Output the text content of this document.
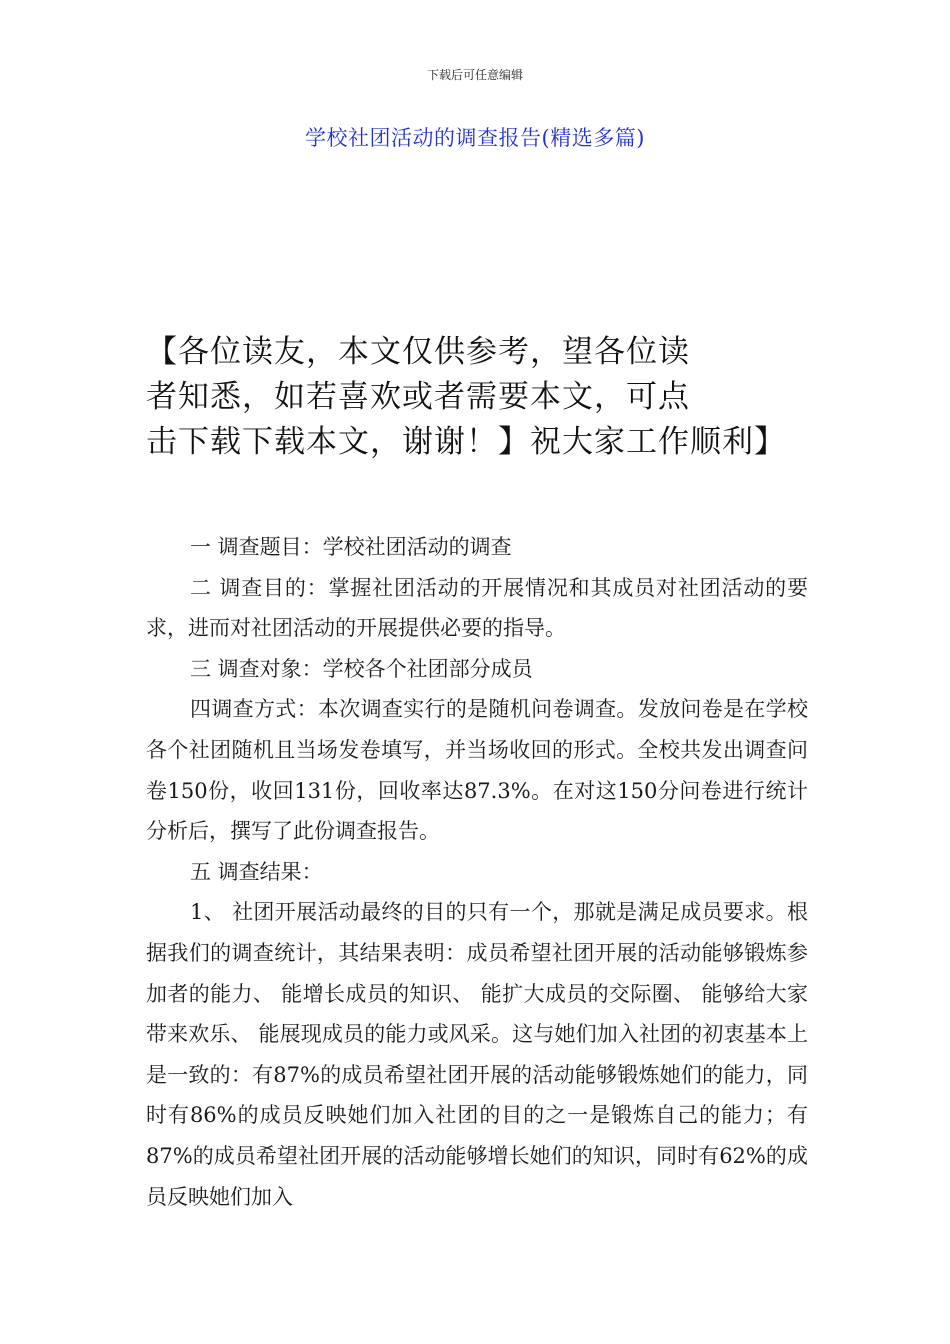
下载后可任意编辑
学校社团活动的调查报告(精选多篇)
【各位读友，本文仅供参考，望各位读
者知悉，如若喜欢或者需要本文，可点
击下载下载本文，谢谢！】祝大家工作顺利】

一 调查题目：学校社团活动的调查

二 调查目的：掌握社团活动的开展情况和其成员对社团活动的要求，进而对社团活动的开展提供必要的指导。

三 调查对象：学校各个社团部分成员

四调查方式：本次调查实行的是随机问卷调查。发放问卷是在学校各个社团随机且当场发卷填写，并当场收回的形式。全校共发出调查问卷150份，收回131份，回收率达87.3%。在对这150分问卷进行统计分析后，撰写了此份调查报告。

五 调查结果：

1、 社团开展活动最终的目的只有一个，那就是满足成员要求。根据我们的调查统计，其结果表明：成员希望社团开展的活动能够锻炼参加者的能力、 能增长成员的知识、 能扩大成员的交际圈、 能够给大家带来欢乐、 能展现成员的能力或风采。这与她们加入社团的初衷基本上是一致的：有87%的成员希望社团开展的活动能够锻炼她们的能力，同时有86%的成员反映她们加入社团的目的之一是锻炼自己的能力；有87%的成员希望社团开展的活动能够增长她们的知识，同时有62%的成员反映她们加入
